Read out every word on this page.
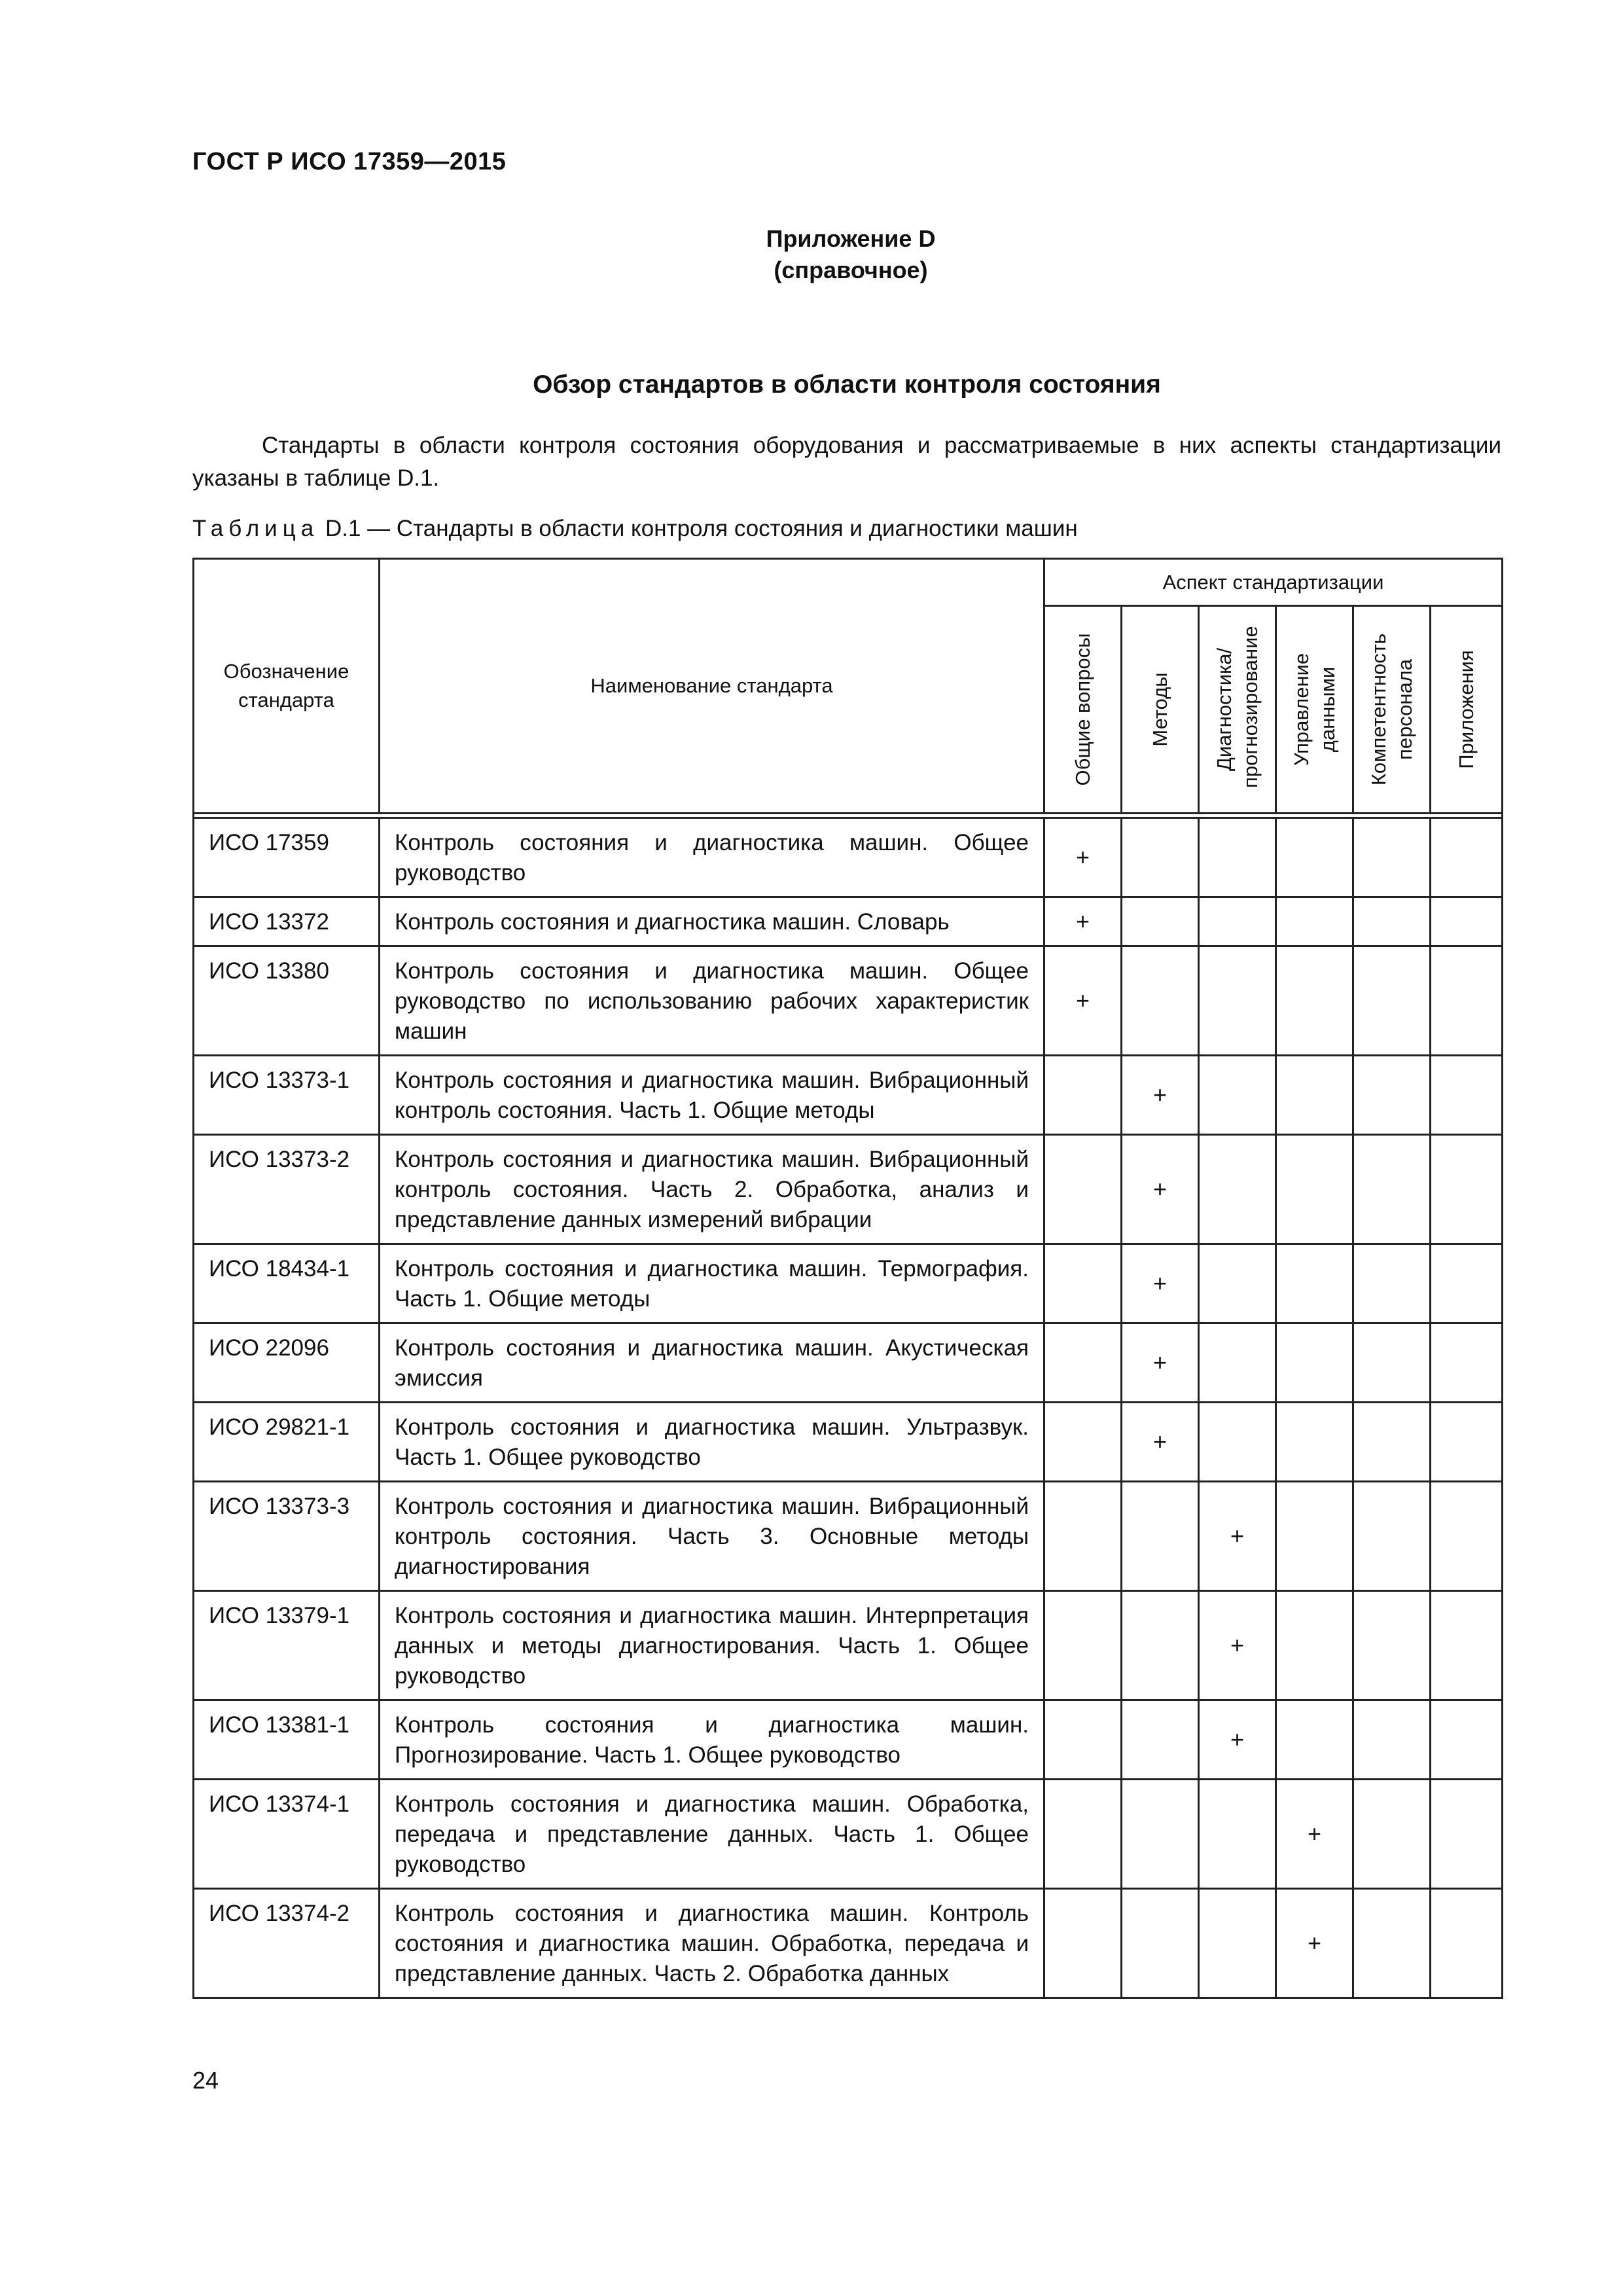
ГОСТ Р ИСО 17359—2015
Приложение D
(справочное)
Обзор стандартов в области контроля состояния
Стандарты в области контроля состояния оборудования и рассматриваемые в них аспекты стандартизации
указаны в таблице D.1.
Таблица D.1 — Стандарты в области контроля состояния и диагностики машин
Обозначение стандарта	Наименование стандарта	Аспект стандартизации					

		Общие вопросы	Методы	Диагностика/ прогнозирование	Управление данными	Компетентность персонала	Приложения

ИСО 17359	Контроль состояния и диагностика машин. Общее руководство	+					
ИСО 13372	Контроль состояния и диагностика машин. Словарь	+					
ИСО 13380	Контроль состояния и диагностика машин. Общее руководство по использованию рабочих характеристик машин	+					
ИСО 13373-1	Контроль состояния и диагностика машин. Вибрационный контроль состояния. Часть 1. Общие методы		+				
ИСО 13373-2	Контроль состояния и диагностика машин. Вибрационный контроль состояния. Часть 2. Обработка, анализ и представление данных измерений вибрации		+				
ИСО 18434-1	Контроль состояния и диагностика машин. Термография. Часть 1. Общие методы		+				
ИСО 22096	Контроль состояния и диагностика машин. Акустическая эмиссия		+				
ИСО 29821-1	Контроль состояния и диагностика машин. Ультразвук. Часть 1. Общее руководство		+				
ИСО 13373-3	Контроль состояния и диагностика машин. Вибрационный контроль состояния. Часть 3. Основные методы диагностирования			+			
ИСО 13379-1	Контроль состояния и диагностика машин. Интерпретация данных и методы диагностирования. Часть 1. Общее руководство			+			
ИСО 13381-1	Контроль состояния и диагностика машин. Прогнозирование. Часть 1. Общее руководство			+			
ИСО 13374-1	Контроль состояния и диагностика машин. Обработка, передача и представление данных. Часть 1. Общее руководство				+		
ИСО 13374-2	Контроль состояния и диагностика машин. Контроль состояния и диагностика машин. Обработка, передача и представление данных. Часть 2. Обработка данных				+		
24
